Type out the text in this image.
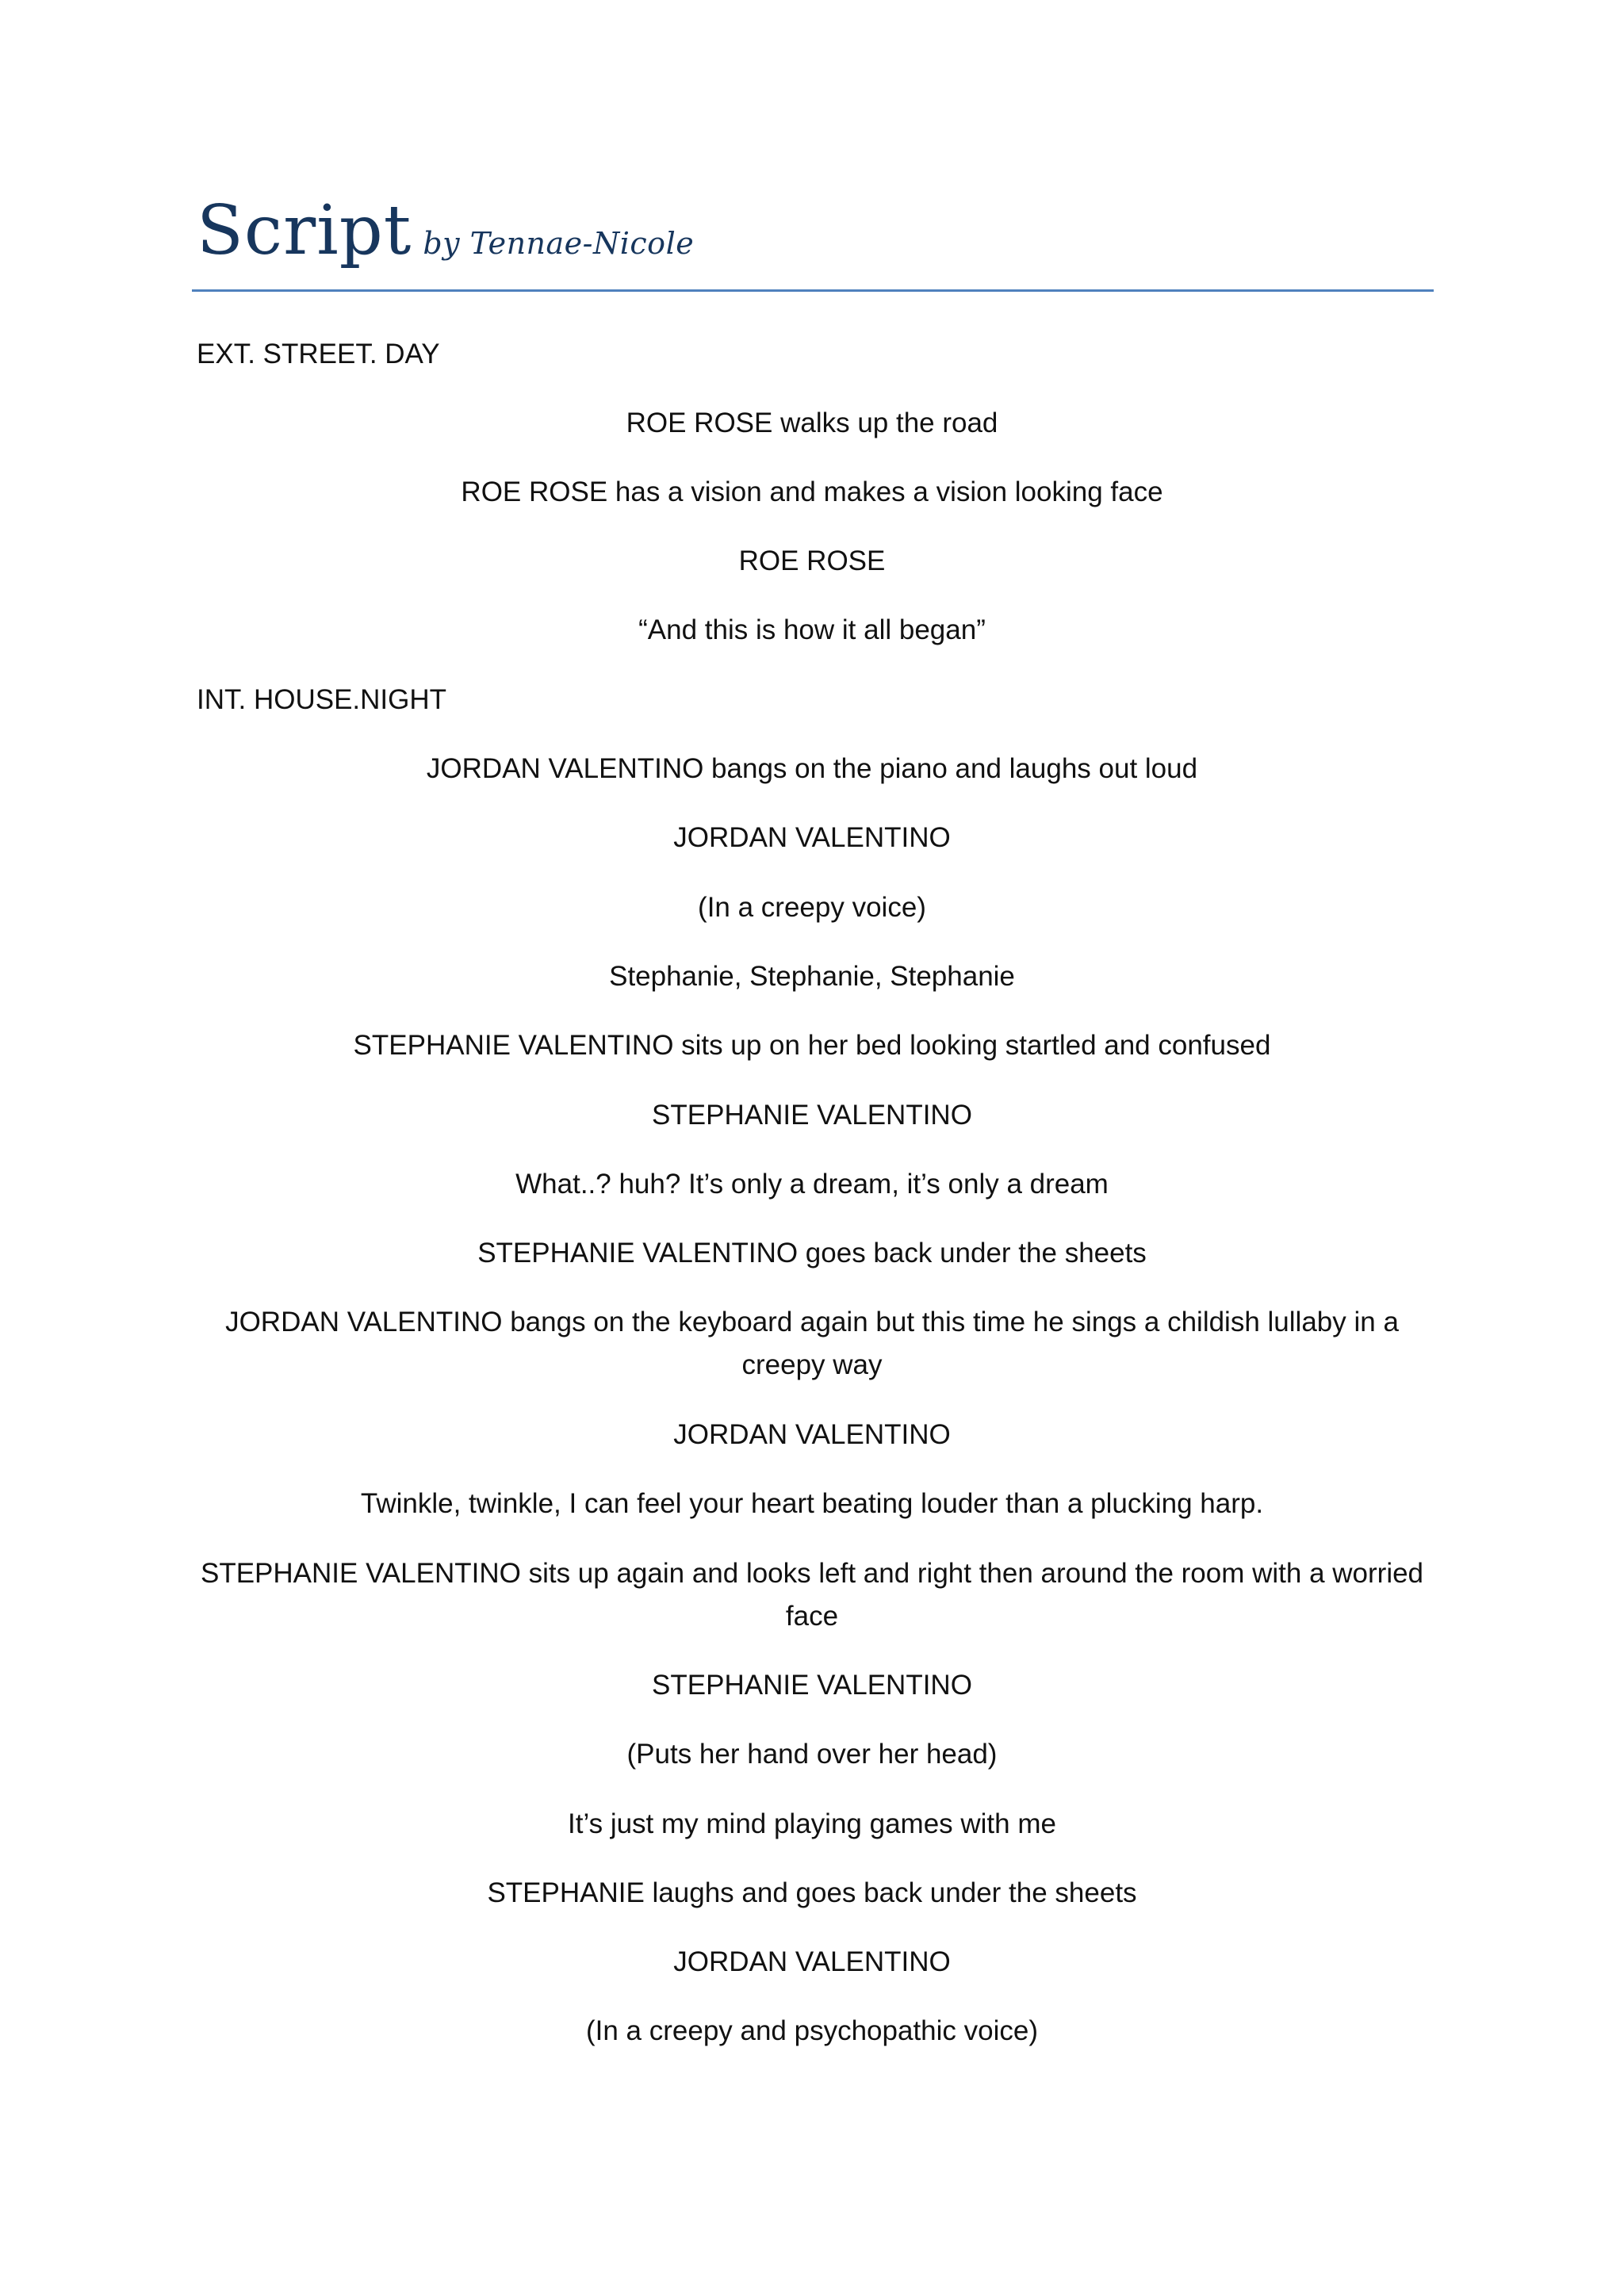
Script by Tennae-Nicole
EXT. STREET. DAY
ROE ROSE walks up the road
ROE ROSE has a vision and makes a vision looking face
ROE ROSE
“And this is how it all began”
INT. HOUSE.NIGHT
JORDAN VALENTINO bangs on the piano and laughs out loud
JORDAN VALENTINO
(In a creepy voice)
Stephanie, Stephanie, Stephanie
STEPHANIE VALENTINO sits up on her bed looking startled and confused
STEPHANIE VALENTINO
What..? huh? It’s only a dream, it’s only a dream
STEPHANIE VALENTINO goes back under the sheets
JORDAN VALENTINO bangs on the keyboard again but this time he sings a childish lullaby in a creepy way
JORDAN VALENTINO
Twinkle, twinkle, I can feel your heart beating louder than a plucking harp.
STEPHANIE VALENTINO sits up again and looks left and right then around the room with a worried face
STEPHANIE VALENTINO
(Puts her hand over her head)
It’s just my mind playing games with me
STEPHANIE laughs and goes back under the sheets
JORDAN VALENTINO
(In a creepy and psychopathic voice)
